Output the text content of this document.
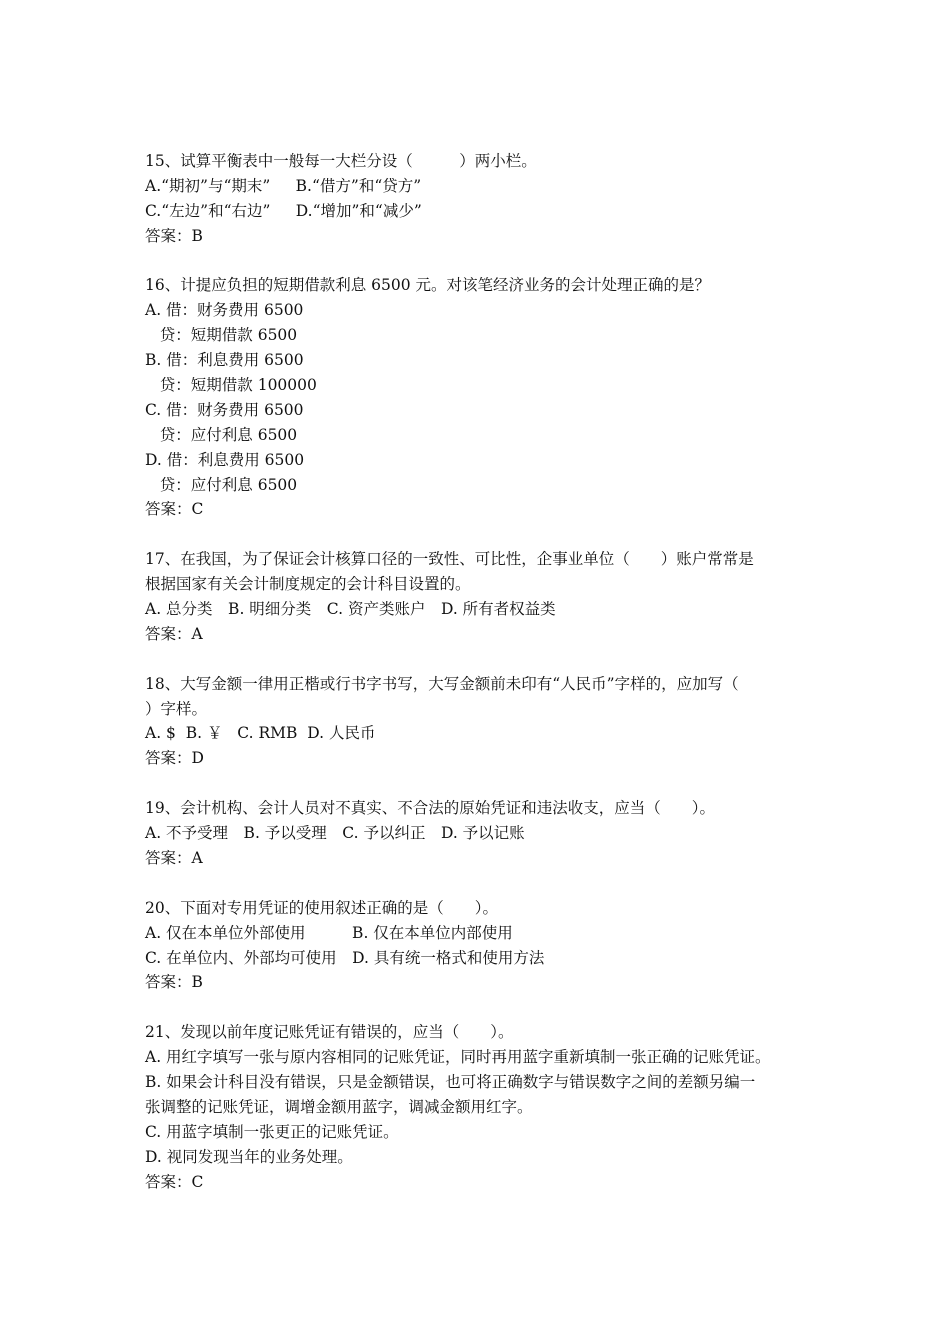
15、试算平衡表中一般每一大栏分设（　　　）两小栏。
A.“期初”与“期末”　  B.“借方”和“贷方”
C.“左边”和“右边”　  D.“增加”和“减少”
答案：B
16、计提应负担的短期借款利息 6500 元。对该笔经济业务的会计处理正确的是？
A. 借：财务费用 6500
贷：短期借款 6500
B. 借：利息费用 6500
贷：短期借款 100000
C. 借：财务费用 6500
贷：应付利息 6500
D. 借：利息费用 6500
贷：应付利息 6500
答案：C
17、在我国，为了保证会计核算口径的一致性、可比性，企事业单位（　　）账户常常是
根据国家有关会计制度规定的会计科目设置的。
A. 总分类　B. 明细分类　C. 资产类账户　D. 所有者权益类
答案：A
18、大写金额一律用正楷或行书字书写，大写金额前未印有“人民币”字样的，应加写（
）字样。
A. $  B. ￥   C. RMB  D. 人民币
答案：D
19、会计机构、会计人员对不真实、不合法的原始凭证和违法收支，应当（　　）。
A. 不予受理　B. 予以受理　C. 予以纠正　D. 予以记账
答案：A
20、下面对专用凭证的使用叙述正确的是（　　）。
A. 仅在本单位外部使用　　　B. 仅在本单位内部使用
C. 在单位内、外部均可使用　D. 具有统一格式和使用方法
答案：B
21、发现以前年度记账凭证有错误的，应当（　　）。
A. 用红字填写一张与原内容相同的记账凭证，同时再用蓝字重新填制一张正确的记账凭证。
B. 如果会计科目没有错误，只是金额错误，也可将正确数字与错误数字之间的差额另编一
张调整的记账凭证，调增金额用蓝字，调减金额用红字。
C. 用蓝字填制一张更正的记账凭证。
D. 视同发现当年的业务处理。
答案：C
